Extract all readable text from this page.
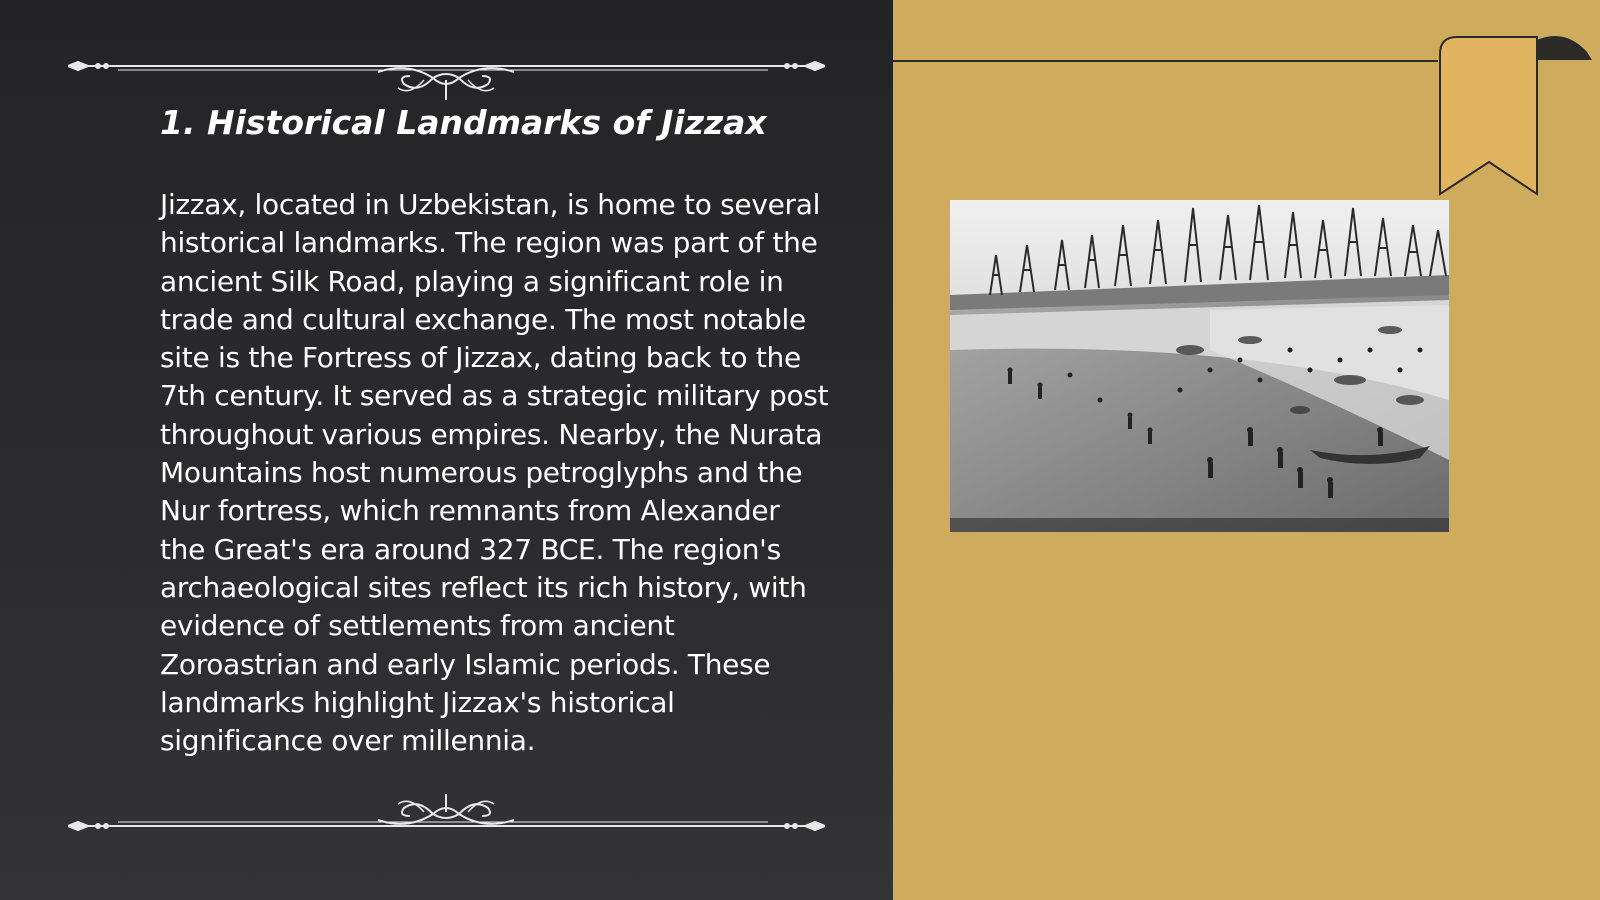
1. Historical Landmarks of Jizzax

Jizzax, located in Uzbekistan, is home to several historical landmarks. The region was part of the ancient Silk Road, playing a significant role in trade and cultural exchange. The most notable site is the Fortress of Jizzax, dating back to the 7th century. It served as a strategic military post throughout various empires. Nearby, the Nurata Mountains host numerous petroglyphs and the Nur fortress, which remnants from Alexander the Great's era around 327 BCE. The region's archaeological sites reflect its rich history, with evidence of settlements from ancient Zoroastrian and early Islamic periods. These landmarks highlight Jizzax's historical significance over millennia.
